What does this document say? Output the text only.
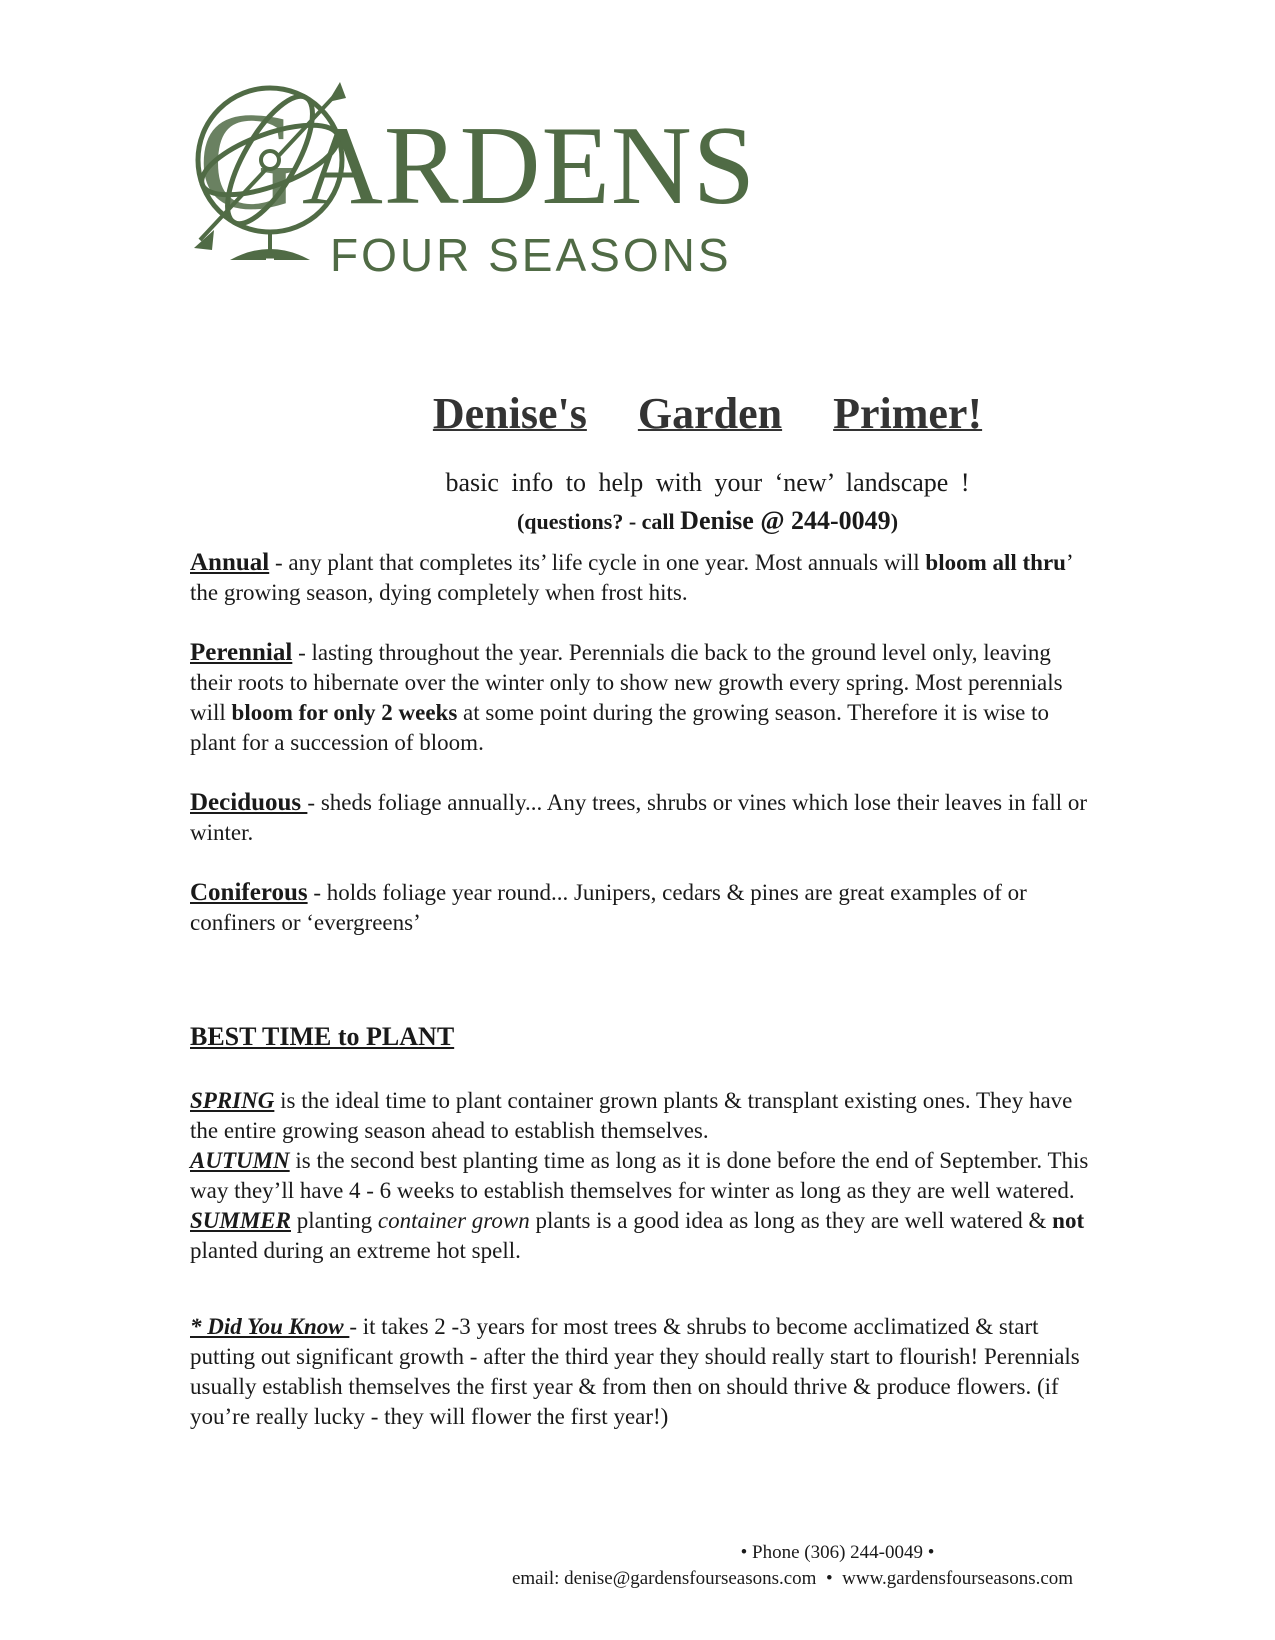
G ARDENS
FOUR SEASONS
Denise's Garden Primer!
basic info to help with your ‘new’ landscape !
(questions? - call Denise @ 244-0049)
Annual - any plant that completes its’ life cycle in one year. Most annuals will bloom all thru’ the growing season, dying completely when frost hits.
Perennial - lasting throughout the year. Perennials die back to the ground level only, leaving their roots to hibernate over the winter only to show new growth every spring. Most perennials will bloom for only 2 weeks at some point during the growing season. Therefore it is wise to plant for a succession of bloom.
Deciduous - sheds foliage annually... Any trees, shrubs or vines which lose their leaves in fall or winter.
Coniferous - holds foliage year round... Junipers, cedars & pines are great examples of or confiners or ‘evergreens’
BEST TIME to PLANT
SPRING is the ideal time to plant container grown plants & transplant existing ones. They have the entire growing season ahead to establish themselves.
AUTUMN is the second best planting time as long as it is done before the end of September. This way they’ll have 4 - 6 weeks to establish themselves for winter as long as they are well watered.
SUMMER planting container grown plants is a good idea as long as they are well watered & not planted during an extreme hot spell.
* Did You Know - it takes 2 -3 years for most trees & shrubs to become acclimatized & start putting out significant growth - after the third year they should really start to flourish! Perennials usually establish themselves the first year & from then on should thrive & produce flowers. (if you’re really lucky - they will flower the first year!)
• Phone (306) 244-0049 •
email: denise@gardensfourseasons.com • www.gardensfourseasons.com
